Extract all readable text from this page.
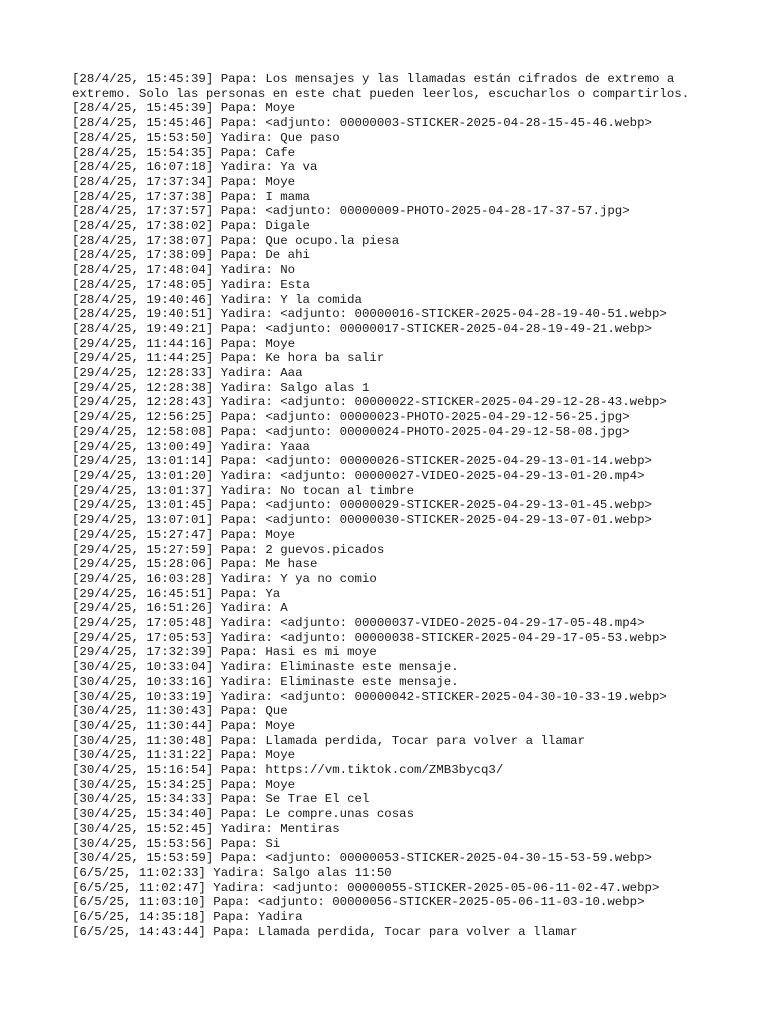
[28/4/25, 15:45:39] Papa: Los mensajes y las llamadas están cifrados de extremo a extremo. Solo las personas en este chat pueden leerlos, escucharlos o compartirlos.
[28/4/25, 15:45:39] Papa: Moye
[28/4/25, 15:45:46] Papa: <adjunto: 00000003-STICKER-2025-04-28-15-45-46.webp>
[28/4/25, 15:53:50] Yadira: Que paso
[28/4/25, 15:54:35] Papa: Cafe
[28/4/25, 16:07:18] Yadira: Ya va
[28/4/25, 17:37:34] Papa: Moye
[28/4/25, 17:37:38] Papa: I mama
[28/4/25, 17:37:57] Papa: <adjunto: 00000009-PHOTO-2025-04-28-17-37-57.jpg>
[28/4/25, 17:38:02] Papa: Digale
[28/4/25, 17:38:07] Papa: Que ocupo.la piesa
[28/4/25, 17:38:09] Papa: De ahi
[28/4/25, 17:48:04] Yadira: No
[28/4/25, 17:48:05] Yadira: Esta
[28/4/25, 19:40:46] Yadira: Y la comida
[28/4/25, 19:40:51] Yadira: <adjunto: 00000016-STICKER-2025-04-28-19-40-51.webp>
[28/4/25, 19:49:21] Papa: <adjunto: 00000017-STICKER-2025-04-28-19-49-21.webp>
[29/4/25, 11:44:16] Papa: Moye
[29/4/25, 11:44:25] Papa: Ke hora ba salir
[29/4/25, 12:28:33] Yadira: Aaa
[29/4/25, 12:28:38] Yadira: Salgo alas 1
[29/4/25, 12:28:43] Yadira: <adjunto: 00000022-STICKER-2025-04-29-12-28-43.webp>
[29/4/25, 12:56:25] Papa: <adjunto: 00000023-PHOTO-2025-04-29-12-56-25.jpg>
[29/4/25, 12:58:08] Papa: <adjunto: 00000024-PHOTO-2025-04-29-12-58-08.jpg>
[29/4/25, 13:00:49] Yadira: Yaaa
[29/4/25, 13:01:14] Papa: <adjunto: 00000026-STICKER-2025-04-29-13-01-14.webp>
[29/4/25, 13:01:20] Yadira: <adjunto: 00000027-VIDEO-2025-04-29-13-01-20.mp4>
[29/4/25, 13:01:37] Yadira: No tocan al timbre
[29/4/25, 13:01:45] Papa: <adjunto: 00000029-STICKER-2025-04-29-13-01-45.webp>
[29/4/25, 13:07:01] Papa: <adjunto: 00000030-STICKER-2025-04-29-13-07-01.webp>
[29/4/25, 15:27:47] Papa: Moye
[29/4/25, 15:27:59] Papa: 2 guevos.picados
[29/4/25, 15:28:06] Papa: Me hase
[29/4/25, 16:03:28] Yadira: Y ya no comio
[29/4/25, 16:45:51] Papa: Ya
[29/4/25, 16:51:26] Yadira: A
[29/4/25, 17:05:48] Yadira: <adjunto: 00000037-VIDEO-2025-04-29-17-05-48.mp4>
[29/4/25, 17:05:53] Yadira: <adjunto: 00000038-STICKER-2025-04-29-17-05-53.webp>
[29/4/25, 17:32:39] Papa: Hasi es mi moye
[30/4/25, 10:33:04] Yadira: Eliminaste este mensaje.
[30/4/25, 10:33:16] Yadira: Eliminaste este mensaje.
[30/4/25, 10:33:19] Yadira: <adjunto: 00000042-STICKER-2025-04-30-10-33-19.webp>
[30/4/25, 11:30:43] Papa: Que
[30/4/25, 11:30:44] Papa: Moye
[30/4/25, 11:30:48] Papa: Llamada perdida, Tocar para volver a llamar
[30/4/25, 11:31:22] Papa: Moye
[30/4/25, 15:16:54] Papa: https://vm.tiktok.com/ZMB3bycq3/
[30/4/25, 15:34:25] Papa: Moye
[30/4/25, 15:34:33] Papa: Se Trae El cel
[30/4/25, 15:34:40] Papa: Le compre.unas cosas
[30/4/25, 15:52:45] Yadira: Mentiras
[30/4/25, 15:53:56] Papa: Si
[30/4/25, 15:53:59] Papa: <adjunto: 00000053-STICKER-2025-04-30-15-53-59.webp>
[6/5/25, 11:02:33] Yadira: Salgo alas 11:50
[6/5/25, 11:02:47] Yadira: <adjunto: 00000055-STICKER-2025-05-06-11-02-47.webp>
[6/5/25, 11:03:10] Papa: <adjunto: 00000056-STICKER-2025-05-06-11-03-10.webp>
[6/5/25, 14:35:18] Papa: Yadira
[6/5/25, 14:43:44] Papa: Llamada perdida, Tocar para volver a llamar
